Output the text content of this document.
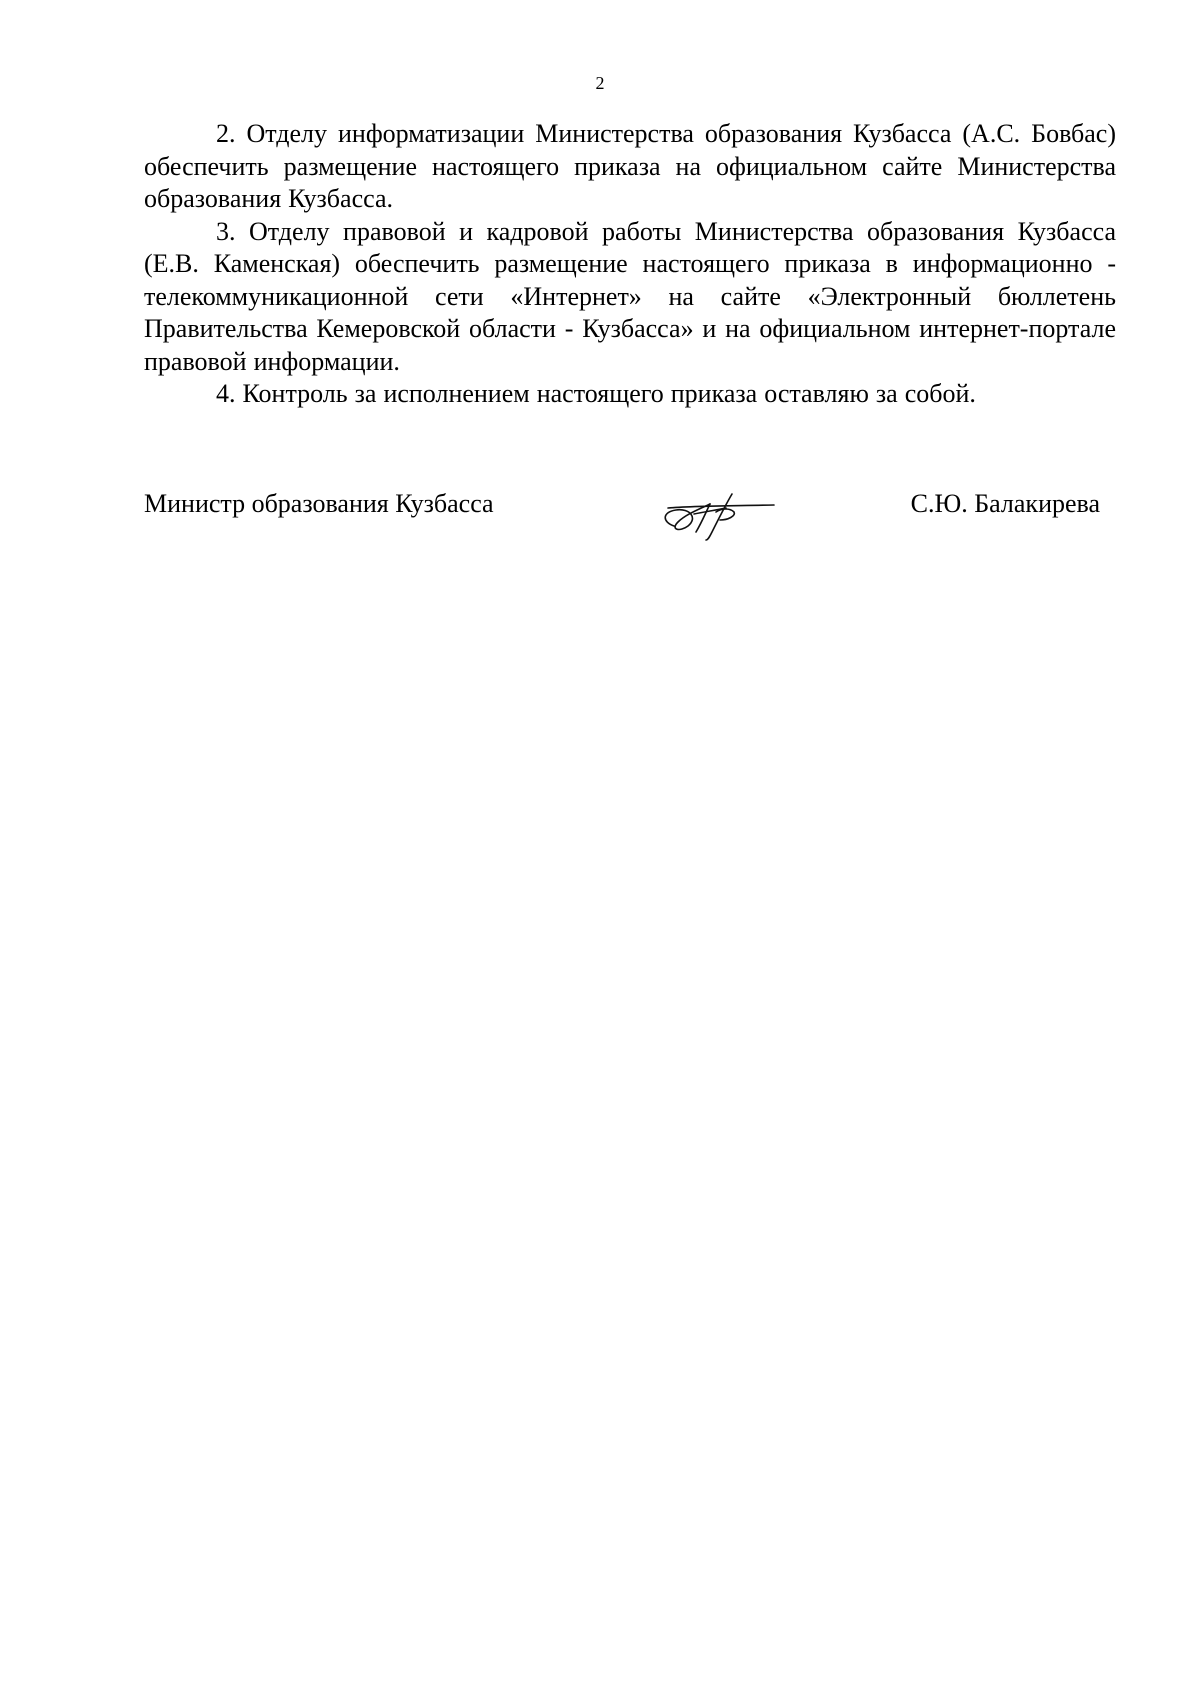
2

2. Отделу информатизации Министерства образования Кузбасса (А.С. Бовбас) обеспечить размещение настоящего приказа на официальном сайте Министерства образования Кузбасса.

3. Отделу правовой и кадровой работы Министерства образования Кузбасса (Е.В. Каменская) обеспечить размещение настоящего приказа в информационно - телекоммуникационной сети «Интернет» на сайте «Электронный бюллетень Правительства Кемеровской области - Кузбасса» и на официальном интернет-портале правовой информации.

4. Контроль за исполнением настоящего приказа оставляю за собой.

Министр образования Кузбасса	С.Ю. Балакирева
